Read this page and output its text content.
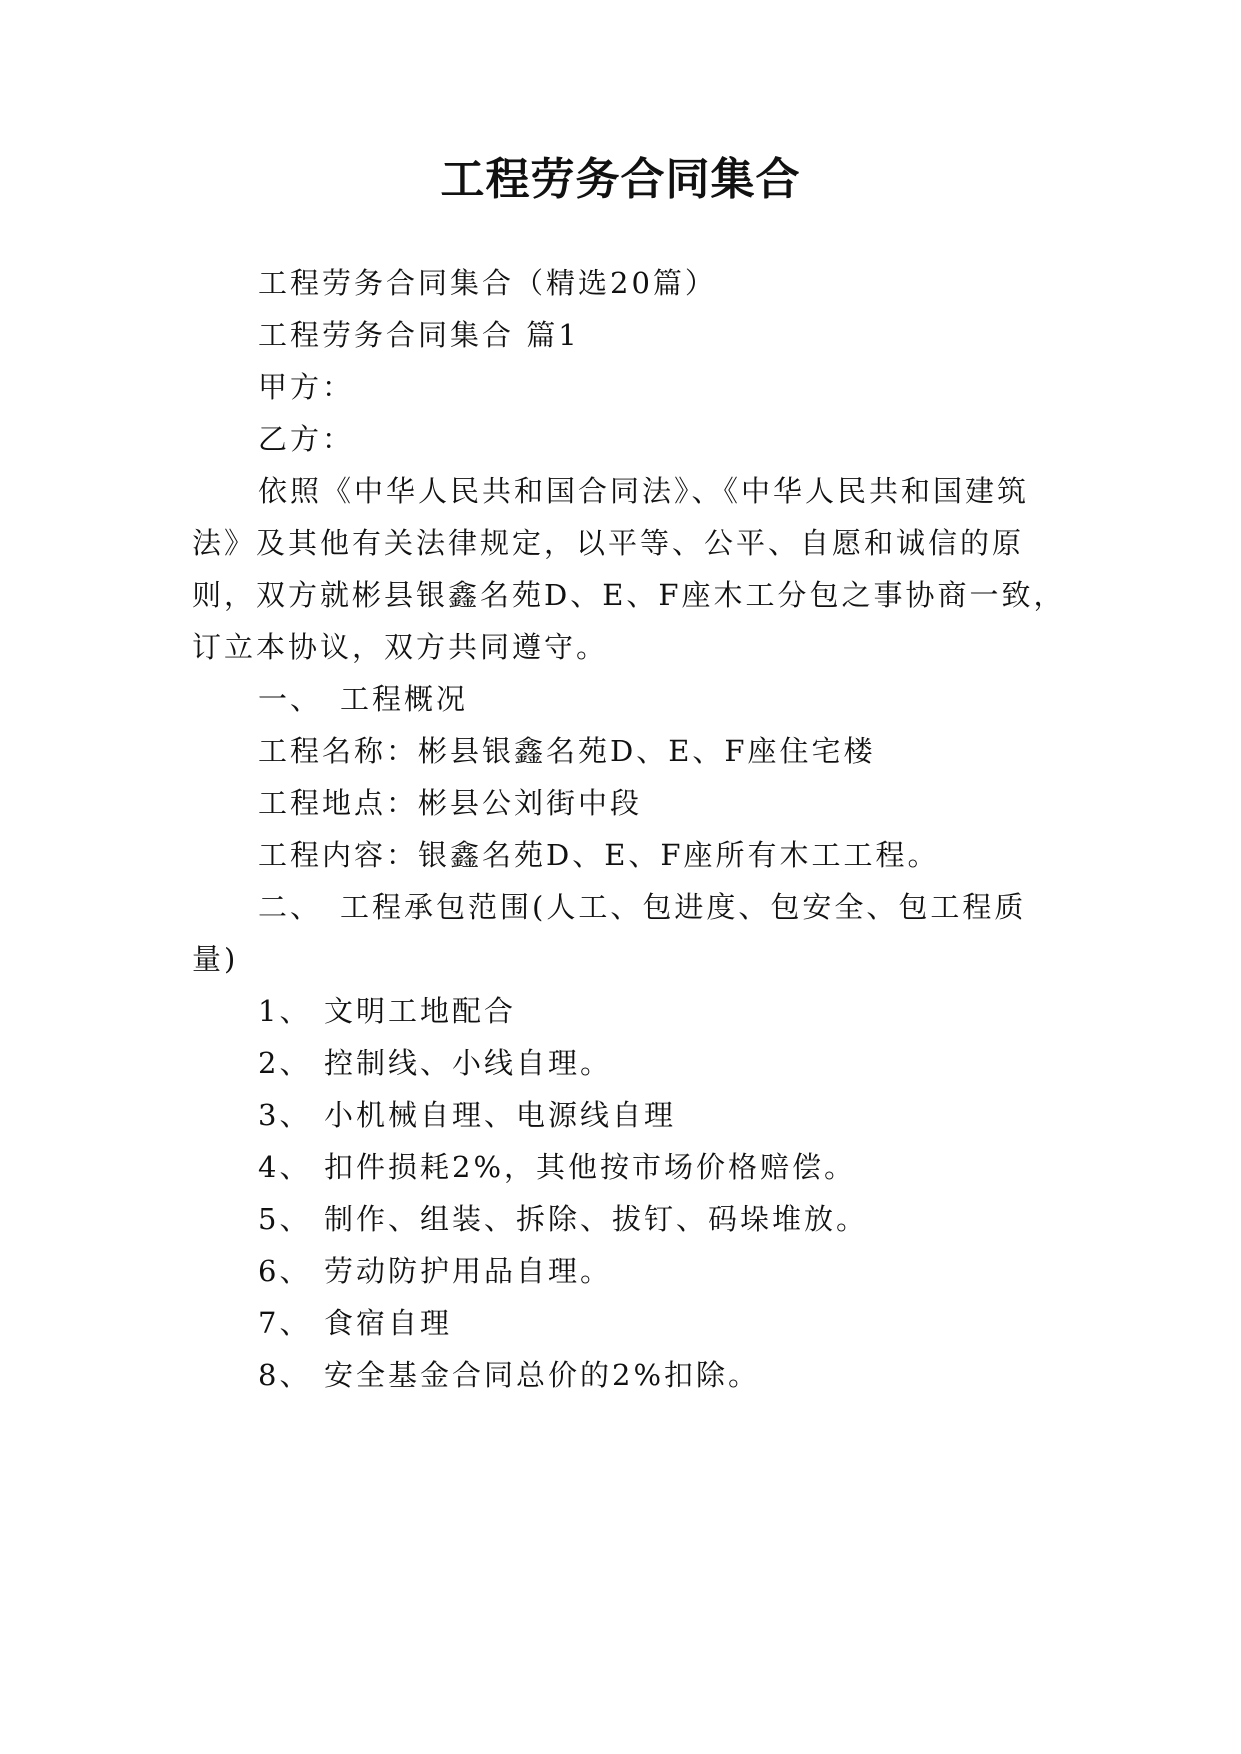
工程劳务合同集合

工程劳务合同集合（精选20篇）

工程劳务合同集合 篇1

甲方：

乙方：

依照《中华人民共和国合同法》、《中华人民共和国建筑

法》及其他有关法律规定，以平等、公平、自愿和诚信的原

则，双方就彬县银鑫名苑D、E、F座木工分包之事协商一致，

订立本协议，双方共同遵守。

一、 工程概况

工程名称：彬县银鑫名苑D、E、F座住宅楼

工程地点：彬县公刘街中段

工程内容：银鑫名苑D、E、F座所有木工工程。

二、 工程承包范围(人工、包进度、包安全、包工程质

量)

1、 文明工地配合
2、 控制线、小线自理。
3、 小机械自理、电源线自理
4、 扣件损耗2%，其他按市场价格赔偿。
5、 制作、组装、拆除、拔钉、码垛堆放。
6、 劳动防护用品自理。
7、 食宿自理
8、 安全基金合同总价的2%扣除。
